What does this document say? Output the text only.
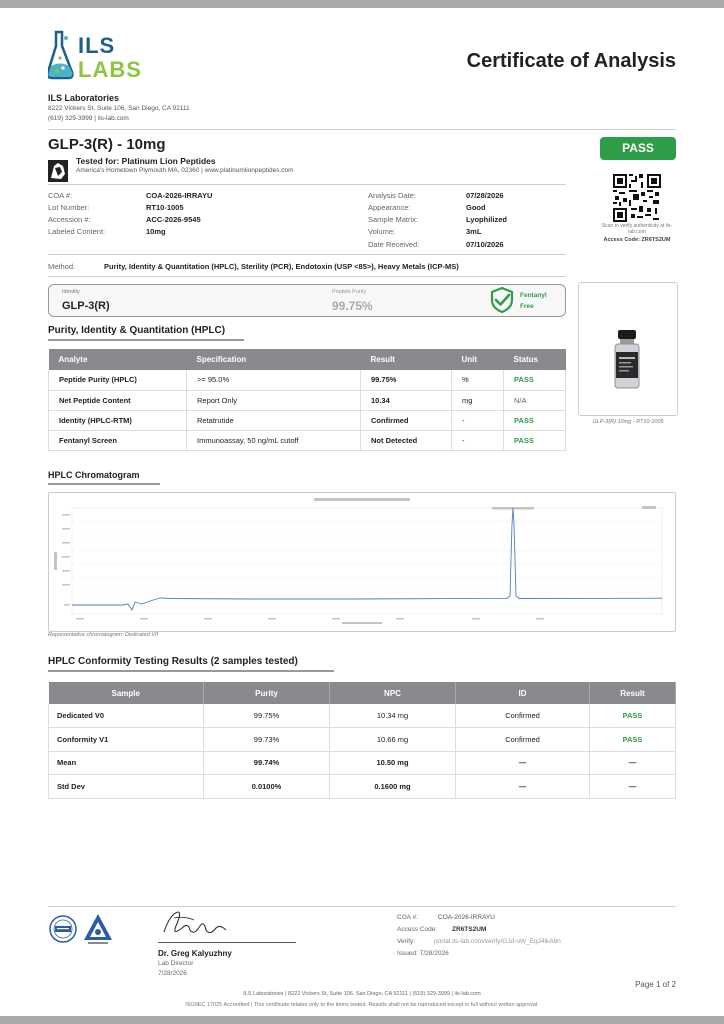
ILS
LABS	Certificate of Analysis
ILS Laboratories
8222 Vickers St, Suite 106, San Diego, CA 92111
(619) 329-3999 | ils-lab.com
GLP-3(R) - 10mg	PASS
Tested for: Platinum Lion Peptides
America's Hometown Plymouth MA, 02360 | www.platinumlionpeptides.com
COA #:	COA-2026-IRRAYU
Lot Number:	RT10-1005
Accession #:	ACC-2026-9545
Labeled Content:	10mg
Analysis Date:	07/28/2026
Appearance:	Good
Sample Matrix:	Lyophilized
Volume:	3mL
Date Received:	07/10/2026
Scan to verify authenticity at ils-lab.com
Access Code: ZR6TS2UM
Method:	Purity, Identity & Quantitation (HPLC), Sterility (PCR), Endotoxin (USP <85>), Heavy Metals (ICP-MS)
Identity
GLP-3(R)
Peptide Purity
99.75%
Fentanyl
Free
GLP-3(R) 10mg - RT10-1005
Purity, Identity & Quantitation (HPLC)
Analyte	Specification	Result	Unit	Status
Peptide Purity (HPLC)	>= 95.0%	99.75%	%	PASS
Net Peptide Content	Report Only	10.34	mg	N/A
Identity (HPLC-RTM)	Retatrutide	Confirmed	-	PASS
Fentanyl Screen	Immunoassay, 50 ng/mL cutoff	Not Detected	-	PASS
HPLC Chromatogram
Representative chromatogram: Dedicated V0
HPLC Conformity Testing Results (2 samples tested)
Sample	Purity	NPC	ID	Result
Dedicated V0	99.75%	10.34 mg	Confirmed	PASS
Conformity V1	99.73%	10.66 mg	Confirmed	PASS
Mean	99.74%	10.50 mg	—	—
Std Dev	0.0100%	0.1600 mg	—	—
Dr. Greg Kalyuzhny
Lab Director
7/28/2026
COA #:	COA-2026-IRRAYU
Access Code: ZR6TS2UM
Verify:	portal.ils-lab.com/verify/GJd-oW_EqJ4lkA6n
Issued: 7/28/2026
Page 1 of 2
ILS Laboratories | 8222 Vickers St, Suite 106, San Diego, CA 92111 | (619) 329-3999 | ils-lab.com
ISO/IEC 17025 Accredited | This certificate relates only to the items tested. Results shall not be reproduced except in full without written approval.
